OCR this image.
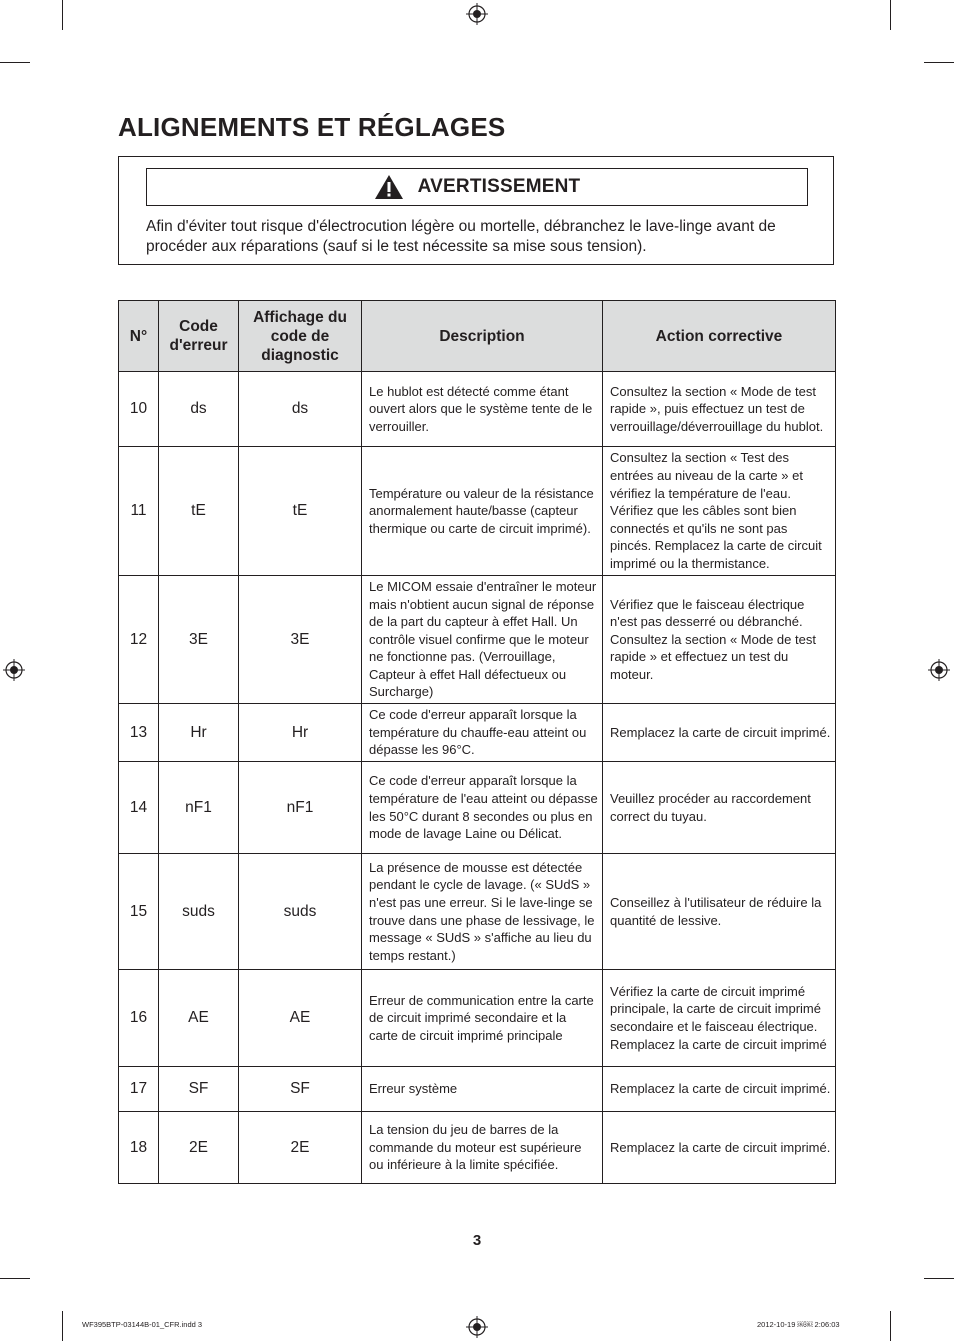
ALIGNEMENTS ET RÉGLAGES
AVERTISSEMENT

Afin d'éviter tout risque d'électrocution légère ou mortelle, débranchez le lave-linge avant de procéder aux réparations (sauf si le test nécessite sa mise sous tension).

N°	Code d'erreur	Affichage du code de diagnostic	Description	Action corrective
10	ds	ds	Le hublot est détecté comme étant ouvert alors que le système tente de le verrouiller.	Consultez la section « Mode de test rapide », puis effectuez un test de verrouillage/déverrouillage du hublot.
11	tE	tE	Température ou valeur de la résistance anormalement haute/basse (capteur thermique ou carte de circuit imprimé).	Consultez la section « Test des entrées au niveau de la carte » et vérifiez la température de l'eau. Vérifiez que les câbles sont bien connectés et qu'ils ne sont pas pincés. Remplacez la carte de circuit imprimé ou la thermistance.
12	3E	3E	Le MICOM essaie d'entraîner le moteur mais n'obtient aucun signal de réponse de la part du capteur à effet Hall. Un contrôle visuel confirme que le moteur ne fonctionne pas. (Verrouillage, Capteur à effet Hall défectueux ou Surcharge)	Vérifiez que le faisceau électrique n'est pas desserré ou débranché. Consultez la section « Mode de test rapide » et effectuez un test du moteur.
13	Hr	Hr	Ce code d'erreur apparaît lorsque la température du chauffe-eau atteint ou dépasse les 96°C.	Remplacez la carte de circuit imprimé.
14	nF1	nF1	Ce code d'erreur apparaît lorsque la température de l'eau atteint ou dépasse les 50°C durant 8 secondes ou plus en mode de lavage Laine ou Délicat.	Veuillez procéder au raccordement correct du tuyau.
15	suds	suds	La présence de mousse est détectée pendant le cycle de lavage. (« SUdS » n'est pas une erreur. Si le lave-linge se trouve dans une phase de lessivage, le message « SUdS » s'affiche au lieu du temps restant.)	Conseillez à l'utilisateur de réduire la quantité de lessive.
16	AE	AE	Erreur de communication entre la carte de circuit imprimé secondaire et la carte de circuit imprimé principale	Vérifiez la carte de circuit imprimé principale, la carte de circuit imprimé secondaire et le faisceau électrique. Remplacez la carte de circuit imprimé
17	SF	SF	Erreur système	Remplacez la carte de circuit imprimé.
18	2E	2E	La tension du jeu de barres de la commande du moteur est supérieure ou inférieure à la limite spécifiée.	Remplacez la carte de circuit imprimé.
3
WF395BTP-03144B-01_CFR.indd 3	2012-10-19 ￼￼ 2:06:03
